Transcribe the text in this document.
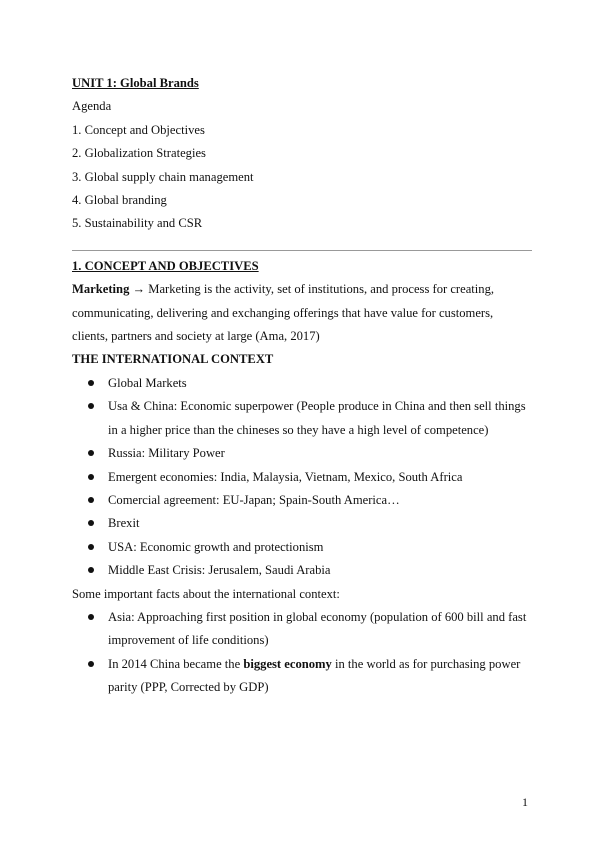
UNIT 1: Global Brands

Agenda

1. Concept and Objectives

2. Globalization Strategies

3. Global supply chain management

4. Global branding

5. Sustainability and CSR

1. CONCEPT AND OBJECTIVES

Marketing → Marketing is the activity, set of institutions, and process for creating, communicating, delivering and exchanging offerings that have value for customers, clients, partners and society at large (Ama, 2017)

THE INTERNATIONAL CONTEXT

Global Markets
Usa & China: Economic superpower (People produce in China and then sell things in a higher price than the chineses so they have a high level of competence)
Russia: Military Power
Emergent economies: India, Malaysia, Vietnam, Mexico, South Africa
Comercial agreement: EU-Japan; Spain-South America…
Brexit
USA: Economic growth and protectionism
Middle East Crisis: Jerusalem, Saudi Arabia

Some important facts about the international context:

Asia: Approaching first position in global economy (population of 600 bill and fast improvement of life conditions)
In 2014 China became the biggest economy in the world as for purchasing power parity (PPP, Corrected by GDP)
1
